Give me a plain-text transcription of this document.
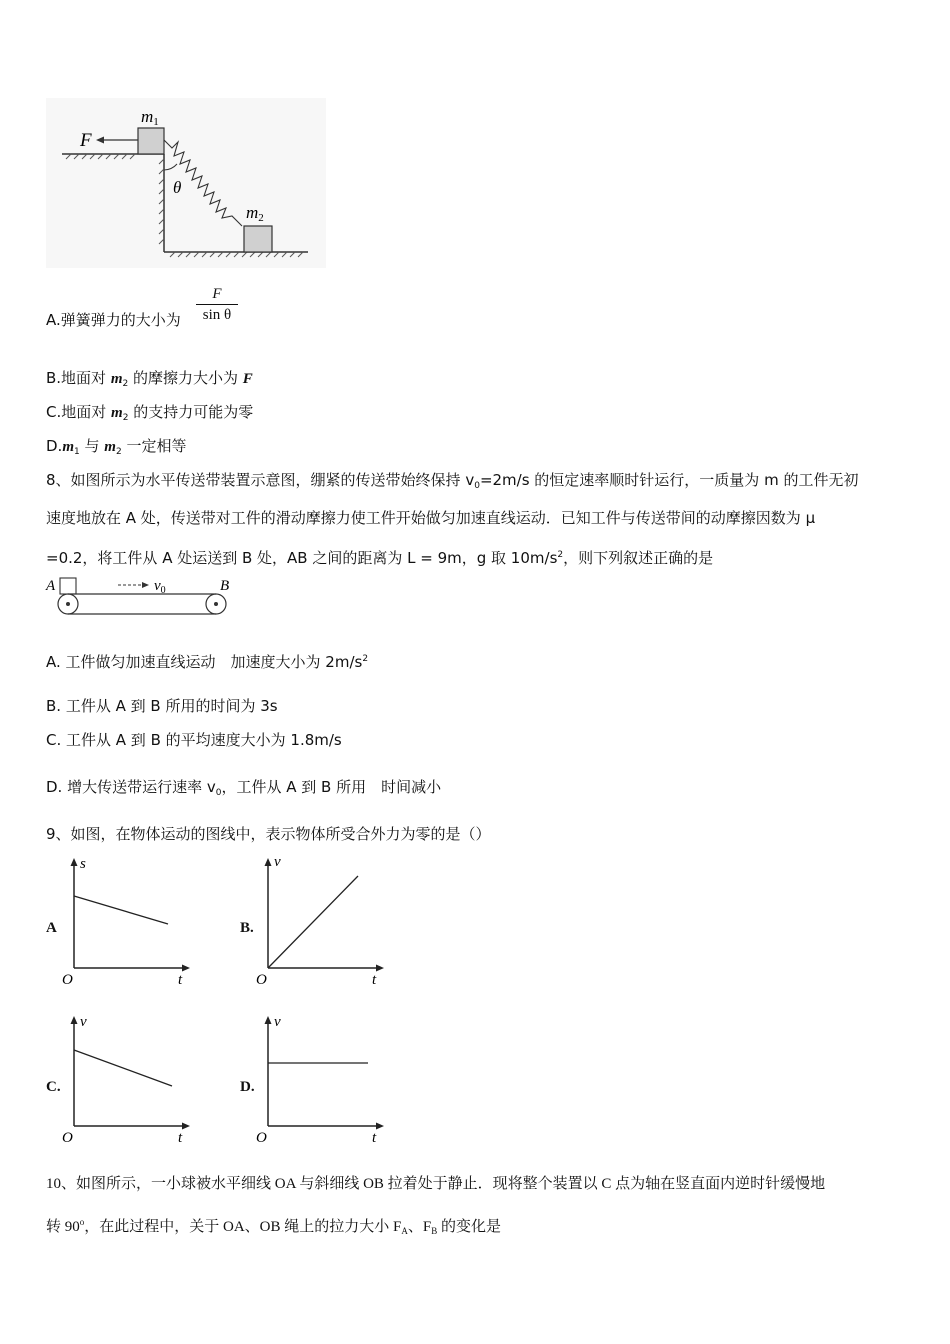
F
m1
m2
θ
A.弹簧弹力的大小为 $\frac{F}{\text{sin θ}}$
B.地面对 $m_2$ 的摩擦力大小为 F
C.地面对 $m_2$ 的支持力可能为零
$D.m_1$ 与 $m_2$ 一定相等
8、如图所示为水平传送带装置示意图，绷紧的传送带始终保持 $v_0=2m/s$ 的恒定速率顺时针运行，一质量为 m 的工件无初
速度地放在 A 处，传送带对工件的滑动摩擦力使工件开始做匀加速直线运动．已知工件与传送带间的动摩擦因数为 μ
=0.2，将工件从 A 处运送到 B 处，AB 之间的距离为 L = 9m，g 取 $10m/s^2$，则下列叙述正确的是
A	B
$v_0$
A. 工件做匀加速直线运动　加速度大小为 $2m/s^2$
B. 工件从 A 到 B 所用的时间为 3s
C. 工件从 A 到 B 的平均速度大小为 1.8m/s
D. 增大传送带运行速率 $v_0$，工件从 A 到 B 所用　时间减小
9、如图，在物体运动的图线中，表示物体所受合外力为零的是（）
A
s
t
O
B.
v
t
O
C.
v
t
O
D.
v
t
O
10、如图所示，一小球被水平细线 OA 与斜细线 OB 拉着处于静止．现将整个装置以 C 点为轴在竖直面内逆时针缓慢地
转 90$^o$，在此过程中，关于 OA、OB 绳上的拉力大小 $F_A$、$F_B$ 的变化是
